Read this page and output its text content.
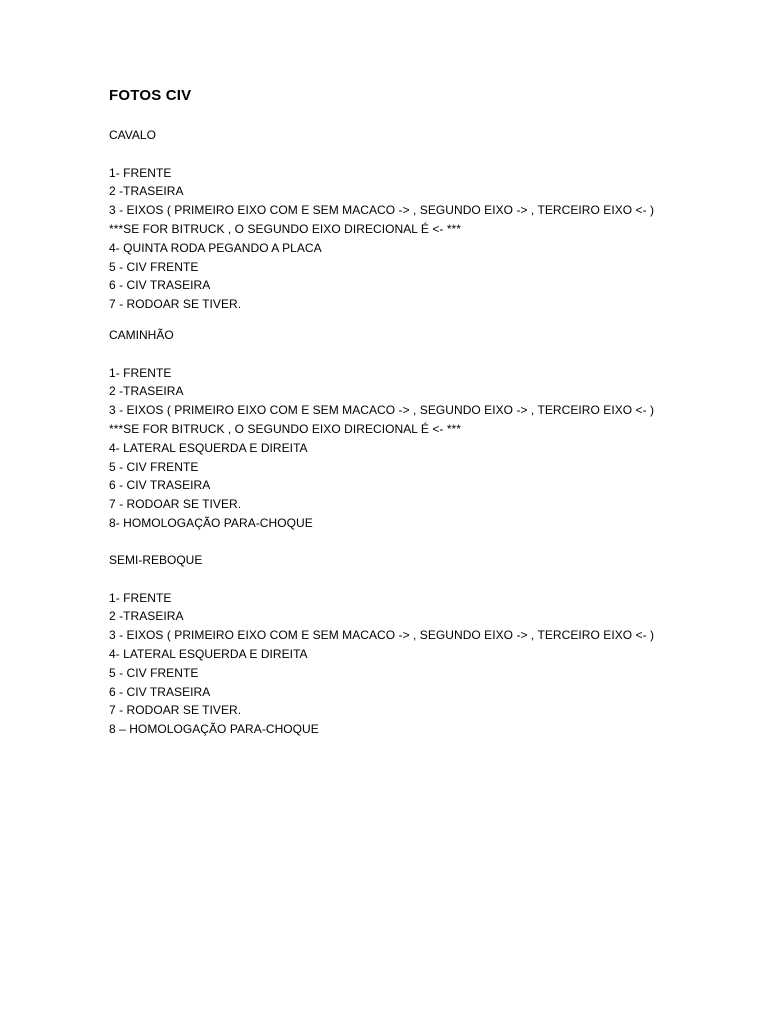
FOTOS CIV
CAVALO
1- FRENTE
2 -TRASEIRA
3 - EIXOS ( PRIMEIRO EIXO COM E SEM MACACO -> , SEGUNDO EIXO -> , TERCEIRO EIXO <- )
***SE FOR BITRUCK , O SEGUNDO EIXO DIRECIONAL É <- ***
4- QUINTA RODA PEGANDO A PLACA
5 - CIV FRENTE
6 - CIV TRASEIRA
7 - RODOAR SE TIVER.
CAMINHÃO
1- FRENTE
2 -TRASEIRA
3 - EIXOS ( PRIMEIRO EIXO COM E SEM MACACO -> , SEGUNDO EIXO -> , TERCEIRO EIXO <- )
***SE FOR BITRUCK , O SEGUNDO EIXO DIRECIONAL É <- ***
4- LATERAL ESQUERDA E DIREITA
5 - CIV FRENTE
6 - CIV TRASEIRA
7 - RODOAR SE TIVER.
8- HOMOLOGAÇÃO PARA-CHOQUE
SEMI-REBOQUE
1- FRENTE
2 -TRASEIRA
3 - EIXOS ( PRIMEIRO EIXO COM E SEM MACACO -> , SEGUNDO EIXO -> , TERCEIRO EIXO <- )
4- LATERAL ESQUERDA E DIREITA
5 - CIV FRENTE
6 - CIV TRASEIRA
7 - RODOAR SE TIVER.
8 – HOMOLOGAÇÃO PARA-CHOQUE
